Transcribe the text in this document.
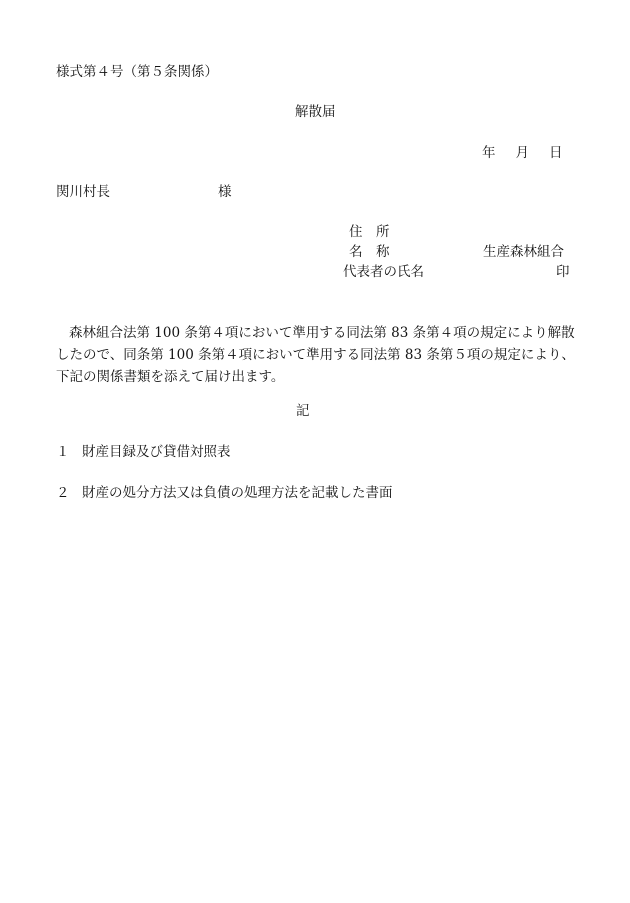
様式第４号（第５条関係）
解散届
年 月 日
関川村長	様
住　所
名　称	生産森林組合
代表者の氏名	印
森林組合法第 100 条第４項において準用する同法第 83 条第４項の規定により解散したので、同条第 100 条第４項において準用する同法第 83 条第５項の規定により、下記の関係書類を添えて届け出ます。
記
１ 財産目録及び貸借対照表
２ 財産の処分方法又は負債の処理方法を記載した書面
